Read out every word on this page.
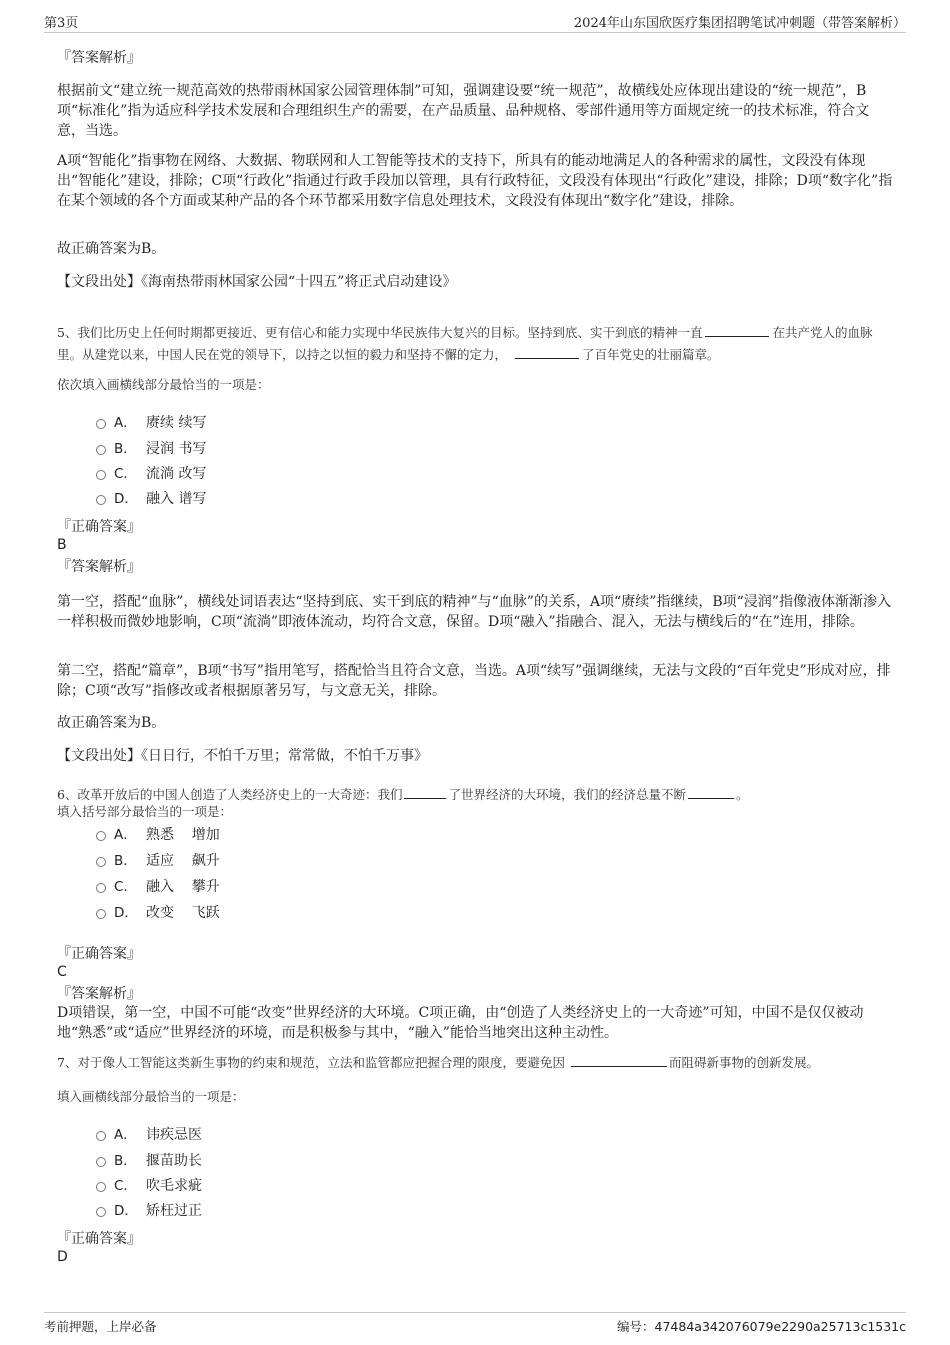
第3页	2024年山东国欣医疗集团招聘笔试冲刺题（带答案解析）
『答案解析』
根据前文“建立统一规范高效的热带雨林国家公园管理体制”可知，强调建设要“统一规范”，故横线处应体现出建设的“统一规范”，B项“标准化”指为适应科学技术发展和合理组织生产的需要，在产品质量、品种规格、零部件通用等方面规定统一的技术标准，符合文意，当选。
A项“智能化”指事物在网络、大数据、物联网和人工智能等技术的支持下，所具有的能动地满足人的各种需求的属性，文段没有体现出“智能化”建设，排除；C项“行政化”指通过行政手段加以管理，具有行政特征，文段没有体现出“行政化”建设，排除；D项“数字化”指在某个领域的各个方面或某种产品的各个环节都采用数字信息处理技术，文段没有体现出“数字化”建设，排除。
故正确答案为B。
【文段出处】《海南热带雨林国家公园“十四五”将正式启动建设》
5、我们比历史上任何时期都更接近、更有信心和能力实现中华民族伟大复兴的目标。坚持到底、实干到底的精神一直	在共产党人的血脉里。从建党以来，中国人民在党的领导下，以持之以恒的毅力和坚持不懈的定力，	了百年党史的壮丽篇章。
依次填入画横线部分最恰当的一项是：
A． 赓续 续写
B． 浸润 书写
C． 流淌 改写
D． 融入 谱写
『正确答案』
B
『答案解析』
第一空，搭配“血脉”，横线处词语表达“坚持到底、实干到底的精神”与“血脉”的关系，A项“赓续”指继续，B项“浸润”指像液体渐渐渗入一样积极而微妙地影响，C项“流淌”即液体流动，均符合文意，保留。D项“融入”指融合、混入，无法与横线后的“在”连用，排除。
第二空，搭配“篇章”，B项“书写”指用笔写，搭配恰当且符合文意，当选。A项“续写”强调继续，无法与文段的“百年党史”形成对应，排除；C项“改写”指修改或者根据原著另写，与文意无关，排除。
故正确答案为B。
【文段出处】《日日行，不怕千万里；常常做，不怕千万事》
6、改革开放后的中国人创造了人类经济史上的一大奇迹：我们	了世界经济的大环境，我们的经济总量不断	。
填入括号部分最恰当的一项是：
A． 熟悉    增加
B． 适应    飙升
C． 融入    攀升
D． 改变    飞跃
『正确答案』
C
『答案解析』
D项错误，第一空，中国不可能“改变”世界经济的大环境。C项正确，由“创造了人类经济史上的一大奇迹”可知，中国不是仅仅被动地“熟悉”或“适应”世界经济的环境，而是积极参与其中，“融入”能恰当地突出这种主动性。
7、对于像人工智能这类新生事物的约束和规范，立法和监管都应把握合理的限度，要避免因	而阻碍新事物的创新发展。
填入画横线部分最恰当的一项是：
A． 讳疾忌医
B． 揠苗助长
C． 吹毛求疵
D． 矫枉过正
『正确答案』
D
考前押题，上岸必备	编号：47484a342076079e2290a25713c1531c
